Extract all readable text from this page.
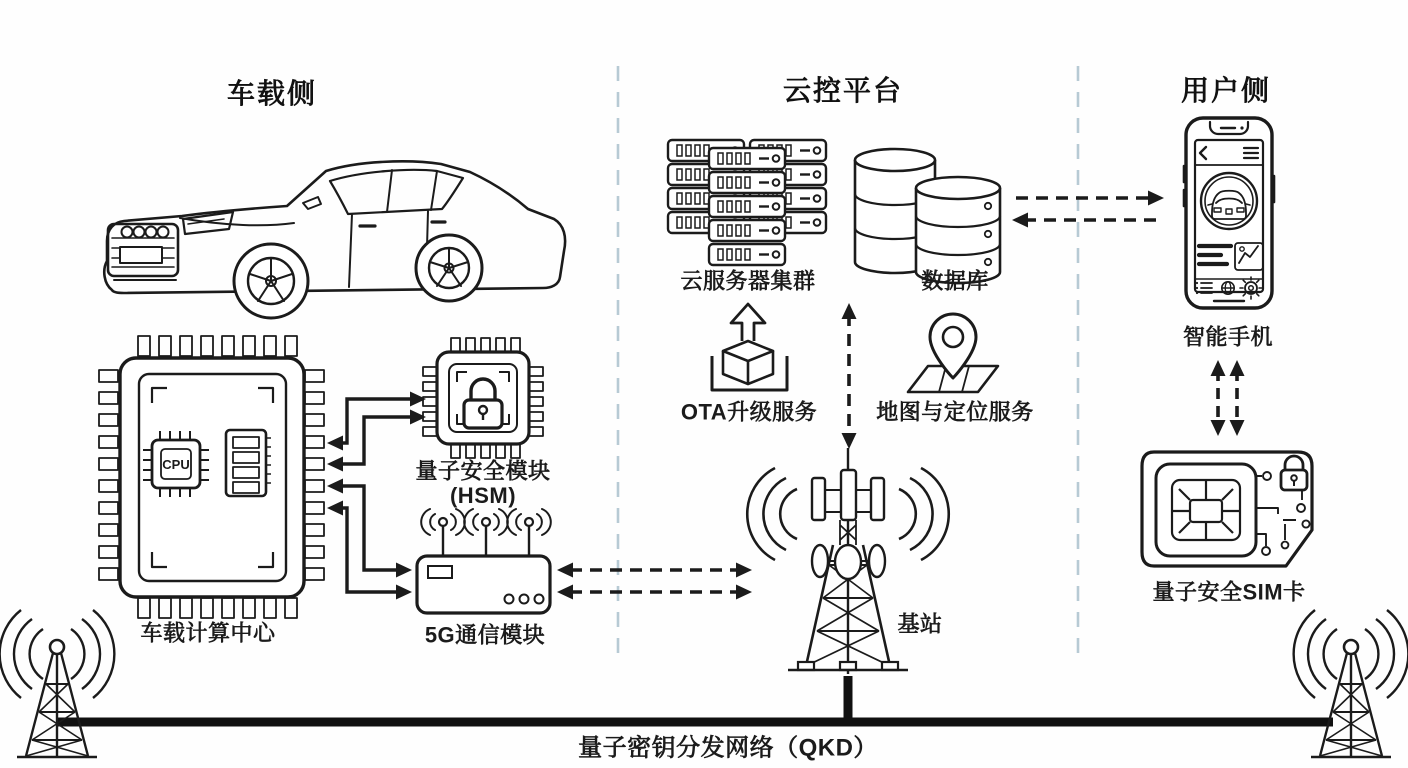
CPU
车载侧	云控平台	用户侧
车载计算中心
量子安全模块
(HSM)
5G通信模块
云服务器集群	数据库
OTA升级服务	地图与定位服务
基站
智能手机
量子安全SIM卡
量子密钥分发网络（QKD）
